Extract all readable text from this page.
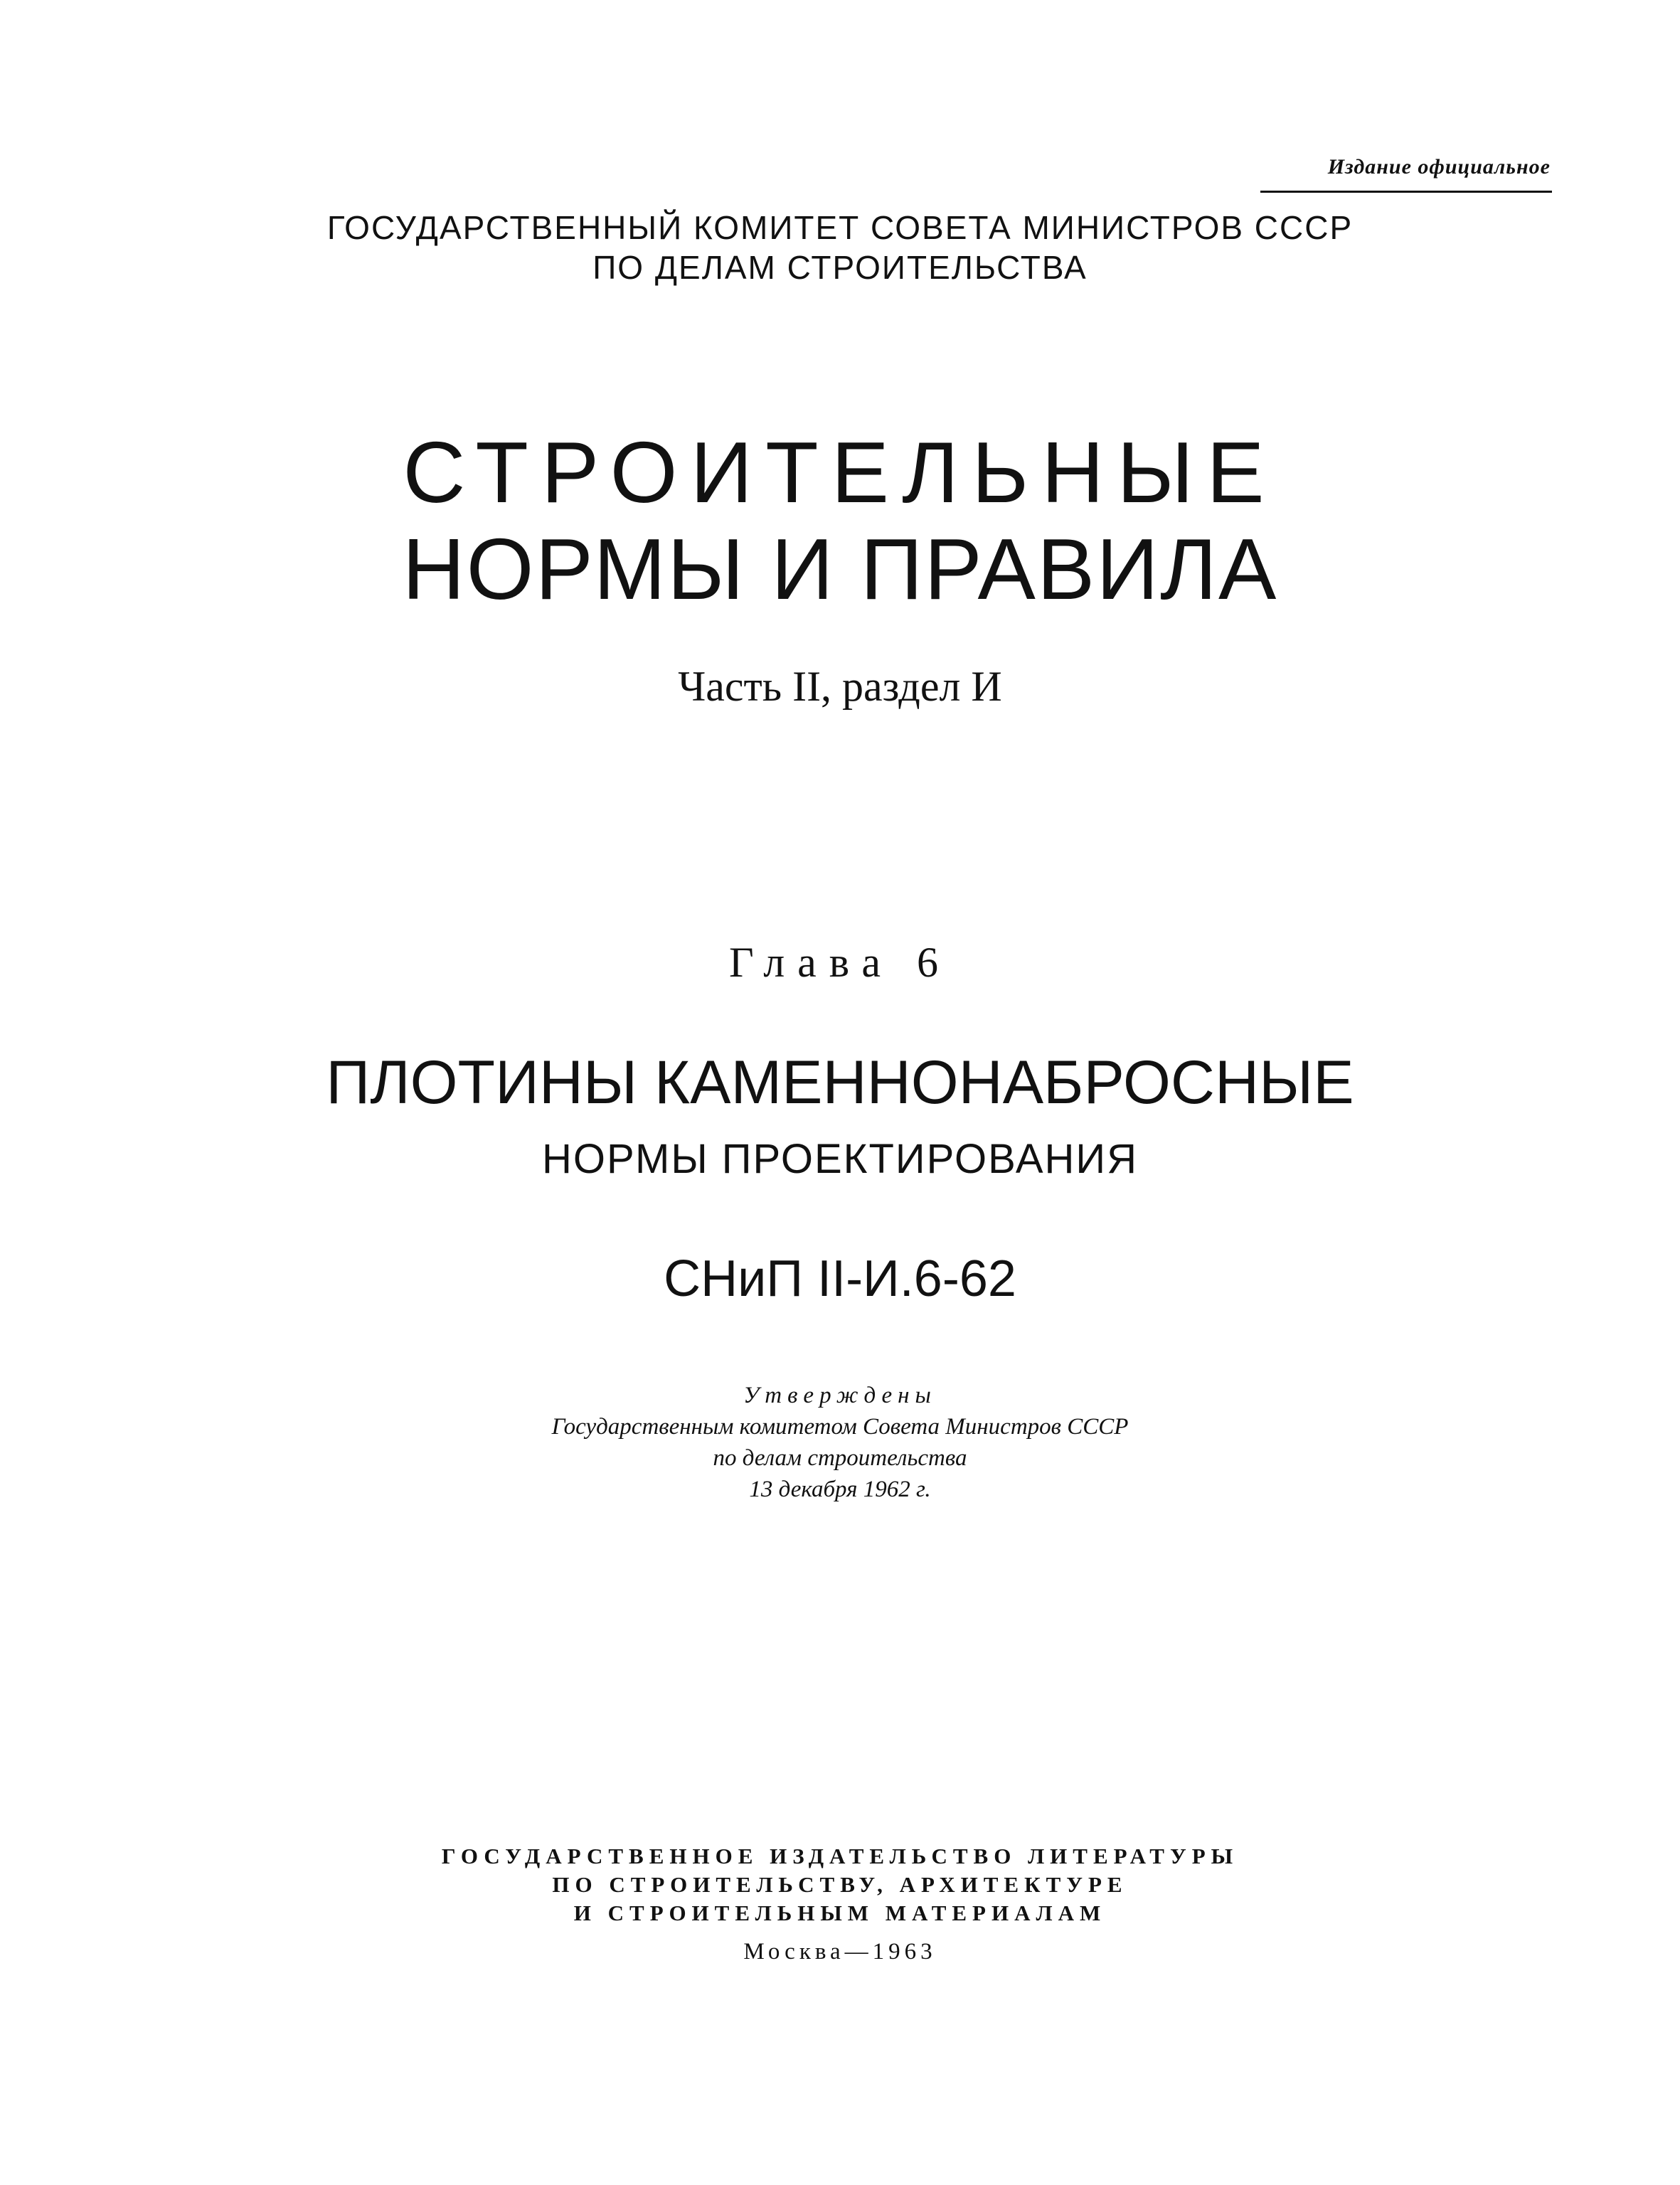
Издание официальное
ГОСУДАРСТВЕННЫЙ КОМИТЕТ СОВЕТА МИНИСТРОВ СССР
ПО ДЕЛАМ СТРОИТЕЛЬСТВА
СТРОИТЕЛЬНЫЕ
НОРМЫ И ПРАВИЛА
Часть II, раздел И
Глава 6
ПЛОТИНЫ КАМЕННОНАБРОСНЫЕ
НОРМЫ ПРОЕКТИРОВАНИЯ
СНиП II-И.6-62
Утверждены
Государственным комитетом Совета Министров СССР
по делам строительства
13 декабря 1962 г.
ГОСУДАРСТВЕННОЕ ИЗДАТЕЛЬСТВО ЛИТЕРАТУРЫ
ПО СТРОИТЕЛЬСТВУ, АРХИТЕКТУРЕ
И СТРОИТЕЛЬНЫМ МАТЕРИАЛАМ
Москва—1963
